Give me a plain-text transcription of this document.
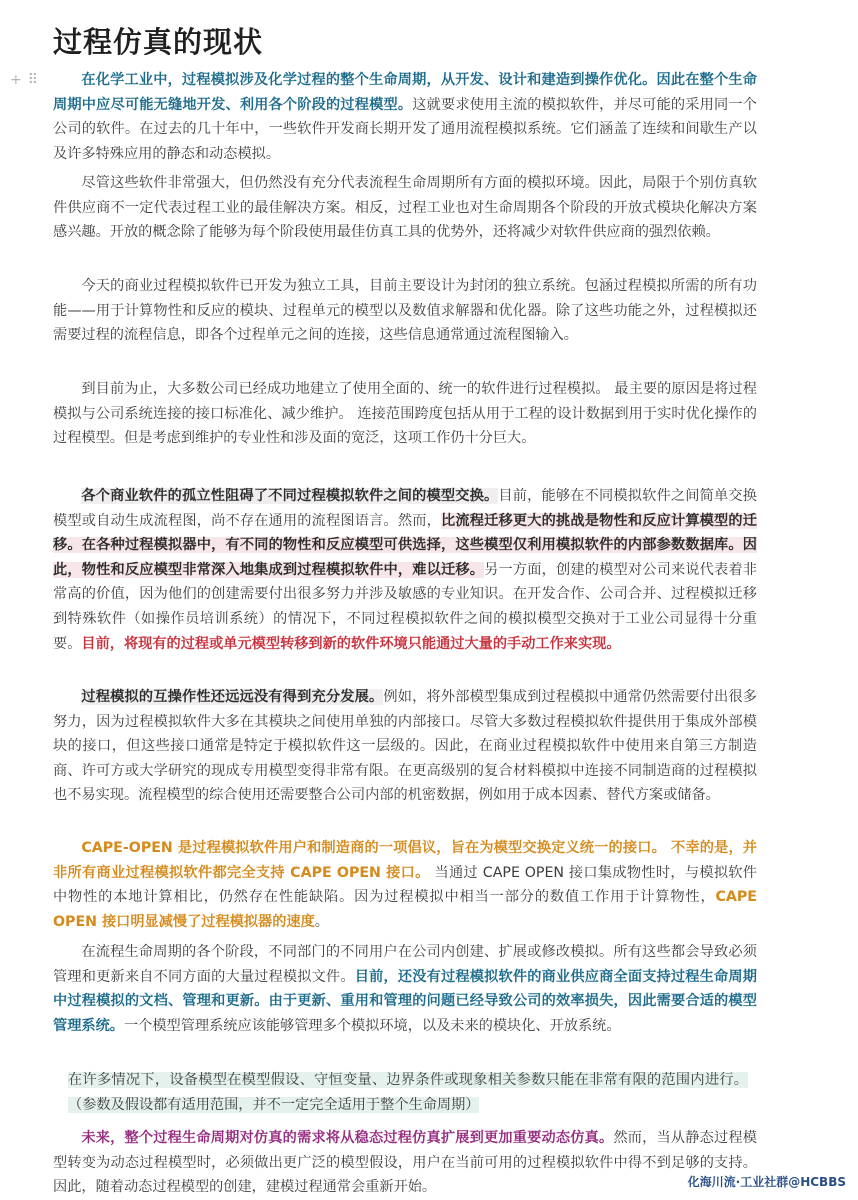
过程仿真的现状
+ ⠿	在化学工业中，过程模拟涉及化学过程的整个生命周期，从开发、设计和建造到操作优化。因此在整个生命周期中应尽可能无缝地开发、利用各个阶段的过程模型。这就要求使用主流的模拟软件，并尽可能的采用同一个公司的软件。在过去的几十年中，一些软件开发商长期开发了通用流程模拟系统。它们涵盖了连续和间歇生产以及许多特殊应用的静态和动态模拟。

尽管这些软件非常强大，但仍然没有充分代表流程生命周期所有方面的模拟环境。因此，局限于个别仿真软件供应商不一定代表过程工业的最佳解决方案。相反，过程工业也对生命周期各个阶段的开放式模块化解决方案感兴趣。开放的概念除了能够为每个阶段使用最佳仿真工具的优势外，还将减少对软件供应商的强烈依赖。

今天的商业过程模拟软件已开发为独立工具，目前主要设计为封闭的独立系统。包涵过程模拟所需的所有功能——用于计算物性和反应的模块、过程单元的模型以及数值求解器和优化器。除了这些功能之外，过程模拟还需要过程的流程信息，即各个过程单元之间的连接，这些信息通常通过流程图输入。

到目前为止，大多数公司已经成功地建立了使用全面的、统一的软件进行过程模拟。 最主要的原因是将过程模拟与公司系统连接的接口标准化、减少维护。 连接范围跨度包括从用于工程的设计数据到用于实时优化操作的过程模型。但是考虑到维护的专业性和涉及面的宽泛，这项工作仍十分巨大。

各个商业软件的孤立性阻碍了不同过程模拟软件之间的模型交换。目前，能够在不同模拟软件之间简单交换模型或自动生成流程图，尚不存在通用的流程图语言。然而，比流程迁移更大的挑战是物性和反应计算模型的迁移。在各种过程模拟器中，有不同的物性和反应模型可供选择，这些模型仅利用模拟软件的内部参数数据库。因此，物性和反应模型非常深入地集成到过程模拟软件中，难以迁移。另一方面，创建的模型对公司来说代表着非常高的价值，因为他们的创建需要付出很多努力并涉及敏感的专业知识。在开发合作、公司合并、过程模拟迁移到特殊软件（如操作员培训系统）的情况下，不同过程模拟软件之间的模拟模型交换对于工业公司显得十分重要。目前，将现有的过程或单元模型转移到新的软件环境只能通过大量的手动工作来实现。

过程模拟的互操作性还远远没有得到充分发展。例如，将外部模型集成到过程模拟中通常仍然需要付出很多努力，因为过程模拟软件大多在其模块之间使用单独的内部接口。尽管大多数过程模拟软件提供用于集成外部模块的接口，但这些接口通常是特定于模拟软件这一层级的。因此，在商业过程模拟软件中使用来自第三方制造商、许可方或大学研究的现成专用模型变得非常有限。在更高级别的复合材料模拟中连接不同制造商的过程模拟也不易实现。流程模型的综合使用还需要整合公司内部的机密数据，例如用于成本因素、替代方案或储备。

CAPE-OPEN 是过程模拟软件用户和制造商的一项倡议，旨在为模型交换定义统一的接口。 不幸的是，并非所有商业过程模拟软件都完全支持 CAPE OPEN 接口。 当通过 CAPE OPEN 接口集成物性时，与模拟软件中物性的本地计算相比，仍然存在性能缺陷。因为过程模拟中相当一部分的数值工作用于计算物性，CAPE OPEN 接口明显减慢了过程模拟器的速度。

在流程生命周期的各个阶段，不同部门的不同用户在公司内创建、扩展或修改模拟。所有这些都会导致必须管理和更新来自不同方面的大量过程模拟文件。目前，还没有过程模拟软件的商业供应商全面支持过程生命周期中过程模拟的文档、管理和更新。由于更新、重用和管理的问题已经导致公司的效率损失，因此需要合适的模型管理系统。一个模型管理系统应该能够管理多个模拟环境，以及未来的模块化、开放系统。

在许多情况下，设备模型在模型假设、守恒变量、边界条件或现象相关参数只能在非常有限的范围内进行。（参数及假设都有适用范围，并不一定完全适用于整个生命周期）

未来，整个过程生命周期对仿真的需求将从稳态过程仿真扩展到更加重要动态仿真。然而，当从静态过程模型转变为动态过程模型时，必须做出更广泛的模型假设，用户在当前可用的过程模拟软件中得不到足够的支持。 因此，随着动态过程模型的创建，建模过程通常会重新开始。	化海川流·工业社群@HCBBS
